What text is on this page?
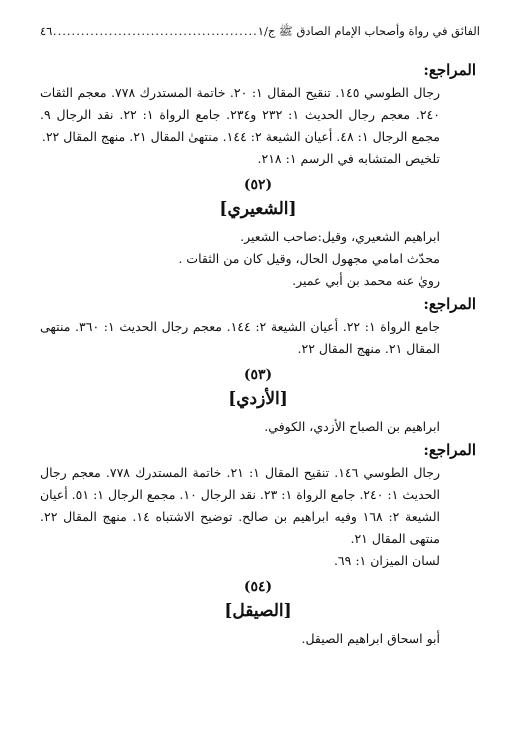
الفائق في رواة وأصحاب الإمام الصادق ﷺ ج/١
.....
٤٦

المراجع:

رجال الطوسي ١٤٥. تنقيح المقال ١: ٢٠. خاتمة المستدرك ٧٧٨. معجم الثقات ٢٤٠. معجم رجال الحديث ١: ٢٣٢ و٢٣٤. جامع الرواة ١: ٢٢. نقد الرجال ٩. مجمع الرجال ١: ٤٨. أعيان الشيعة ٢: ١٤٤. منتهىٰ المقال ٢١. منهج المقال ٢٢.

تلخيص المتشابه في الرسم ١: ٢١٨.

(٥٢)

[الشعيري]

ابراهيم الشعيري، وقيل:صاحب الشعير.

محدّث امامي مجهول الحال، وقيل كان من الثقات .

رويٰ عنه محمد بن أبي عمير.

المراجع:

جامع الرواة ١: ٢٢. أعيان الشيعة ٢: ١٤٤. معجم رجال الحديث ١: ٣٦٠. منتهى المقال ٢١. منهج المقال ٢٢.

(٥٣)

[الأزدي]

ابراهيم بن الصباح الأزدي، الكوفي.

المراجع:

رجال الطوسي ١٤٦. تنقيح المقال ١: ٢١. خاتمة المستدرك ٧٧٨. معجم رجال الحديث ١: ٢٤٠. جامع الرواة ١: ٢٣. نقد الرجال ١٠. مجمع الرجال ١: ٥١. أعيان الشيعة ٢: ١٦٨ وفيه ابراهيم بن صالح. توضيح الاشتباه ١٤. منهج المقال ٢٢. منتهى المقال ٢١.

لسان الميزان ١: ٦٩.

(٥٤)

[الصيقل]

أبو اسحاق ابراهيم الصيقل.
